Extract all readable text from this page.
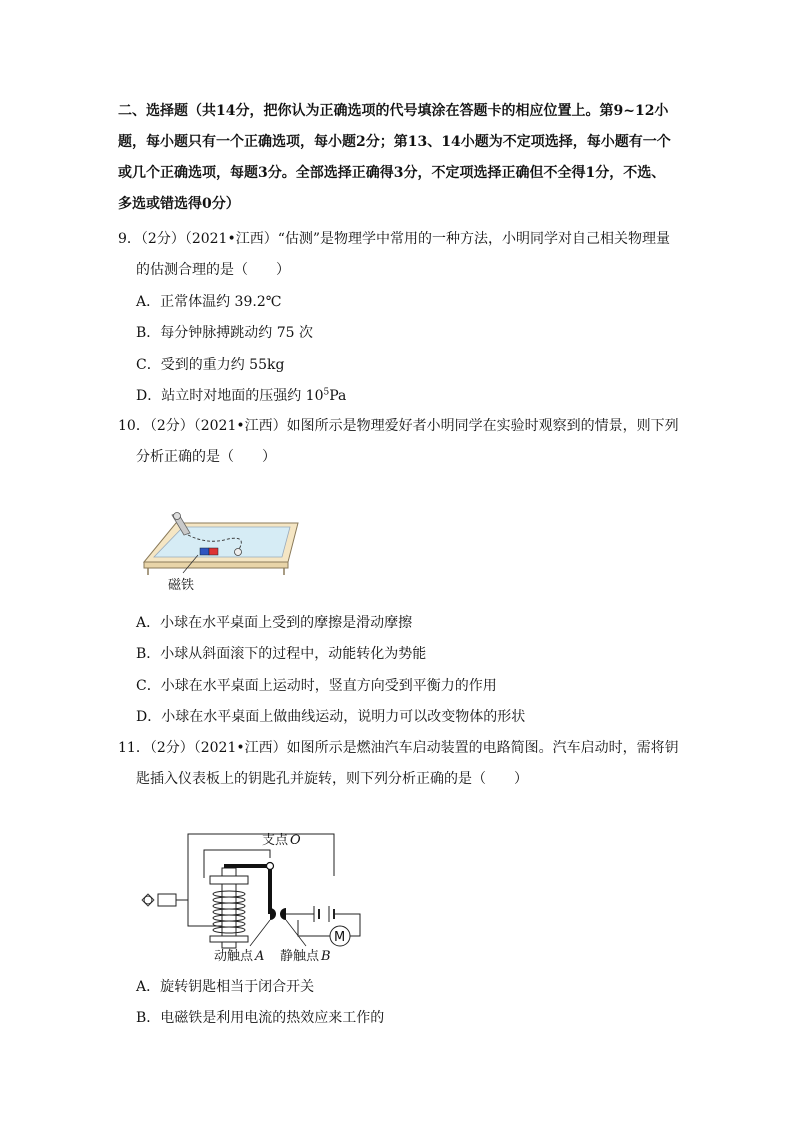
二、选择题（共14分，把你认为正确选项的代号填涂在答题卡的相应位置上。第9~12小
题，每小题只有一个正确选项，每小题2分；第13、14小题为不定项选择，每小题有一个
或几个正确选项，每题3分。全部选择正确得3分，不定项选择正确但不全得1分，不选、
多选或错选得0分）
9．（2分）（2021•江西）“估测”是物理学中常用的一种方法，小明同学对自己相关物理量
的估测合理的是（　　）
A．正常体温约 39.2℃
B．每分钟脉搏跳动约 75 次
C．受到的重力约 55kg
D．站立时对地面的压强约 $10^5Pa$
10．（2分）（2021•江西）如图所示是物理爱好者小明同学在实验时观察到的情景，则下列
分析正确的是（　　）
磁铁
A．小球在水平桌面上受到的摩擦是滑动摩擦
B．小球从斜面滚下的过程中，动能转化为势能
C．小球在水平桌面上运动时，竖直方向受到平衡力的作用
D．小球在水平桌面上做曲线运动，说明力可以改变物体的形状
11．（2分）（2021•江西）如图所示是燃油汽车启动装置的电路简图。汽车启动时，需将钥
匙插入仪表板上的钥匙孔并旋转，则下列分析正确的是（　　）
支点 O
M
动触点 A 静触点 B
A．旋转钥匙相当于闭合开关
B．电磁铁是利用电流的热效应来工作的
